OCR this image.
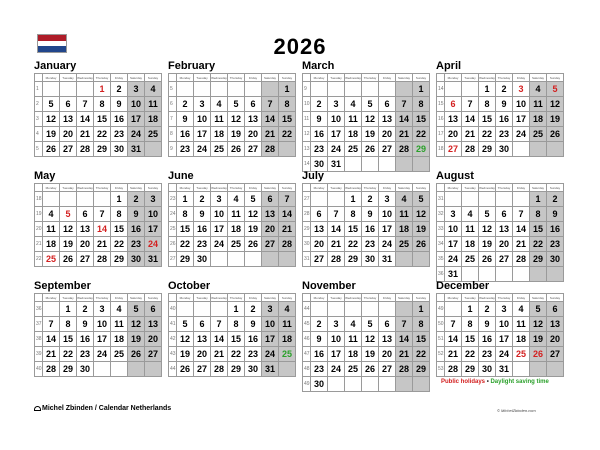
2026
January
	Monday	Tuesday	Wednesday	Thursday	Friday	Saturday	Sunday
1				1	2	3	4
2	5	6	7	8	9	10	11
3	12	13	14	15	16	17	18
4	19	20	21	22	23	24	25
5	26	27	28	29	30	31	
February
	Monday	Tuesday	Wednesday	Thursday	Friday	Saturday	Sunday
5							1
6	2	3	4	5	6	7	8
7	9	10	11	12	13	14	15
8	16	17	18	19	20	21	22
9	23	24	25	26	27	28	
March
	Monday	Tuesday	Wednesday	Thursday	Friday	Saturday	Sunday
9							1
10	2	3	4	5	6	7	8
11	9	10	11	12	13	14	15
12	16	17	18	19	20	21	22
13	23	24	25	26	27	28	29
14	30	31					
April
	Monday	Tuesday	Wednesday	Thursday	Friday	Saturday	Sunday
14			1	2	3	4	5
15	6	7	8	9	10	11	12
16	13	14	15	16	17	18	19
17	20	21	22	23	24	25	26
18	27	28	29	30			
May
	Monday	Tuesday	Wednesday	Thursday	Friday	Saturday	Sunday
18					1	2	3
19	4	5	6	7	8	9	10
20	11	12	13	14	15	16	17
21	18	19	20	21	22	23	24
22	25	26	27	28	29	30	31
June
	Monday	Tuesday	Wednesday	Thursday	Friday	Saturday	Sunday
23	1	2	3	4	5	6	7
24	8	9	10	11	12	13	14
25	15	16	17	18	19	20	21
26	22	23	24	25	26	27	28
27	29	30					
July
	Monday	Tuesday	Wednesday	Thursday	Friday	Saturday	Sunday
27			1	2	3	4	5
28	6	7	8	9	10	11	12
29	13	14	15	16	17	18	19
30	20	21	22	23	24	25	26
31	27	28	29	30	31		
August
	Monday	Tuesday	Wednesday	Thursday	Friday	Saturday	Sunday
31						1	2
32	3	4	5	6	7	8	9
33	10	11	12	13	14	15	16
34	17	18	19	20	21	22	23
35	24	25	26	27	28	29	30
36	31						
September
	Monday	Tuesday	Wednesday	Thursday	Friday	Saturday	Sunday
36		1	2	3	4	5	6
37	7	8	9	10	11	12	13
38	14	15	16	17	18	19	20
39	21	22	23	24	25	26	27
40	28	29	30				
October
	Monday	Tuesday	Wednesday	Thursday	Friday	Saturday	Sunday
40				1	2	3	4
41	5	6	7	8	9	10	11
42	12	13	14	15	16	17	18
43	19	20	21	22	23	24	25
44	26	27	28	29	30	31	
November
	Monday	Tuesday	Wednesday	Thursday	Friday	Saturday	Sunday
44							1
45	2	3	4	5	6	7	8
46	9	10	11	12	13	14	15
47	16	17	18	19	20	21	22
48	23	24	25	26	27	28	29
49	30						
December
	Monday	Tuesday	Wednesday	Thursday	Friday	Saturday	Sunday
49		1	2	3	4	5	6
50	7	8	9	10	11	12	13
51	14	15	16	17	18	19	20
52	21	22	23	24	25	26	27
53	28	29	30	31			
Public holidays • Daylight saving time
Michel Zbinden / Calendar Netherlands	© MichelZbinden.com
